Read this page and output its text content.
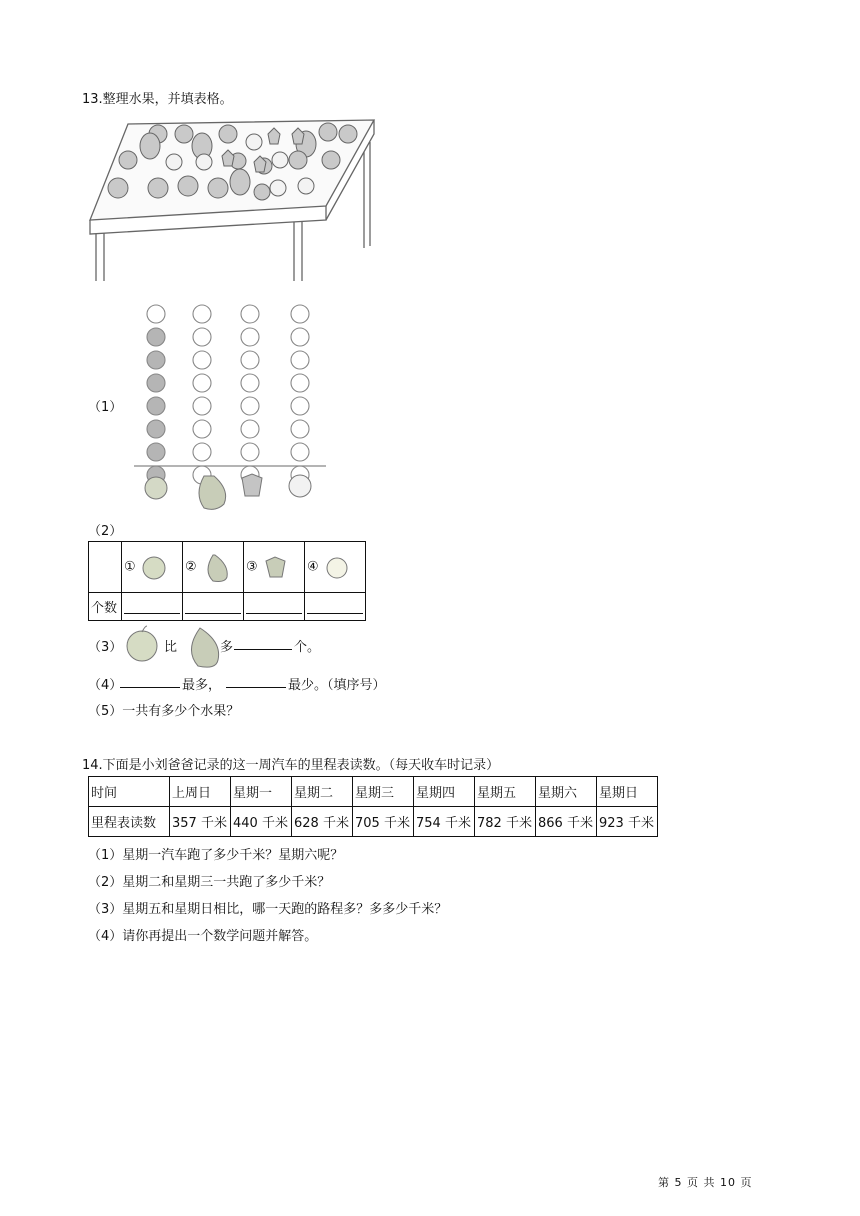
13.整理水果，并填表格。
（1）
（2）
	①	②	③	④
个数				
（3）	比	多	个。
（4）	最多，	最少。（填序号）
（5）一共有多少个水果？
14.下面是小刘爸爸记录的这一周汽车的里程表读数。（每天收车时记录）
时间	上周日	星期一	星期二	星期三	星期四	星期五	星期六	星期日
里程表读数	357 千米	440 千米	628 千米	705 千米	754 千米	782 千米	866 千米	923 千米
（1）星期一汽车跑了多少千米？星期六呢？
（2）星期二和星期三一共跑了多少千米？
（3）星期五和星期日相比，哪一天跑的路程多？多多少千米？
（4）请你再提出一个数学问题并解答。
第 5 页 共 10 页
